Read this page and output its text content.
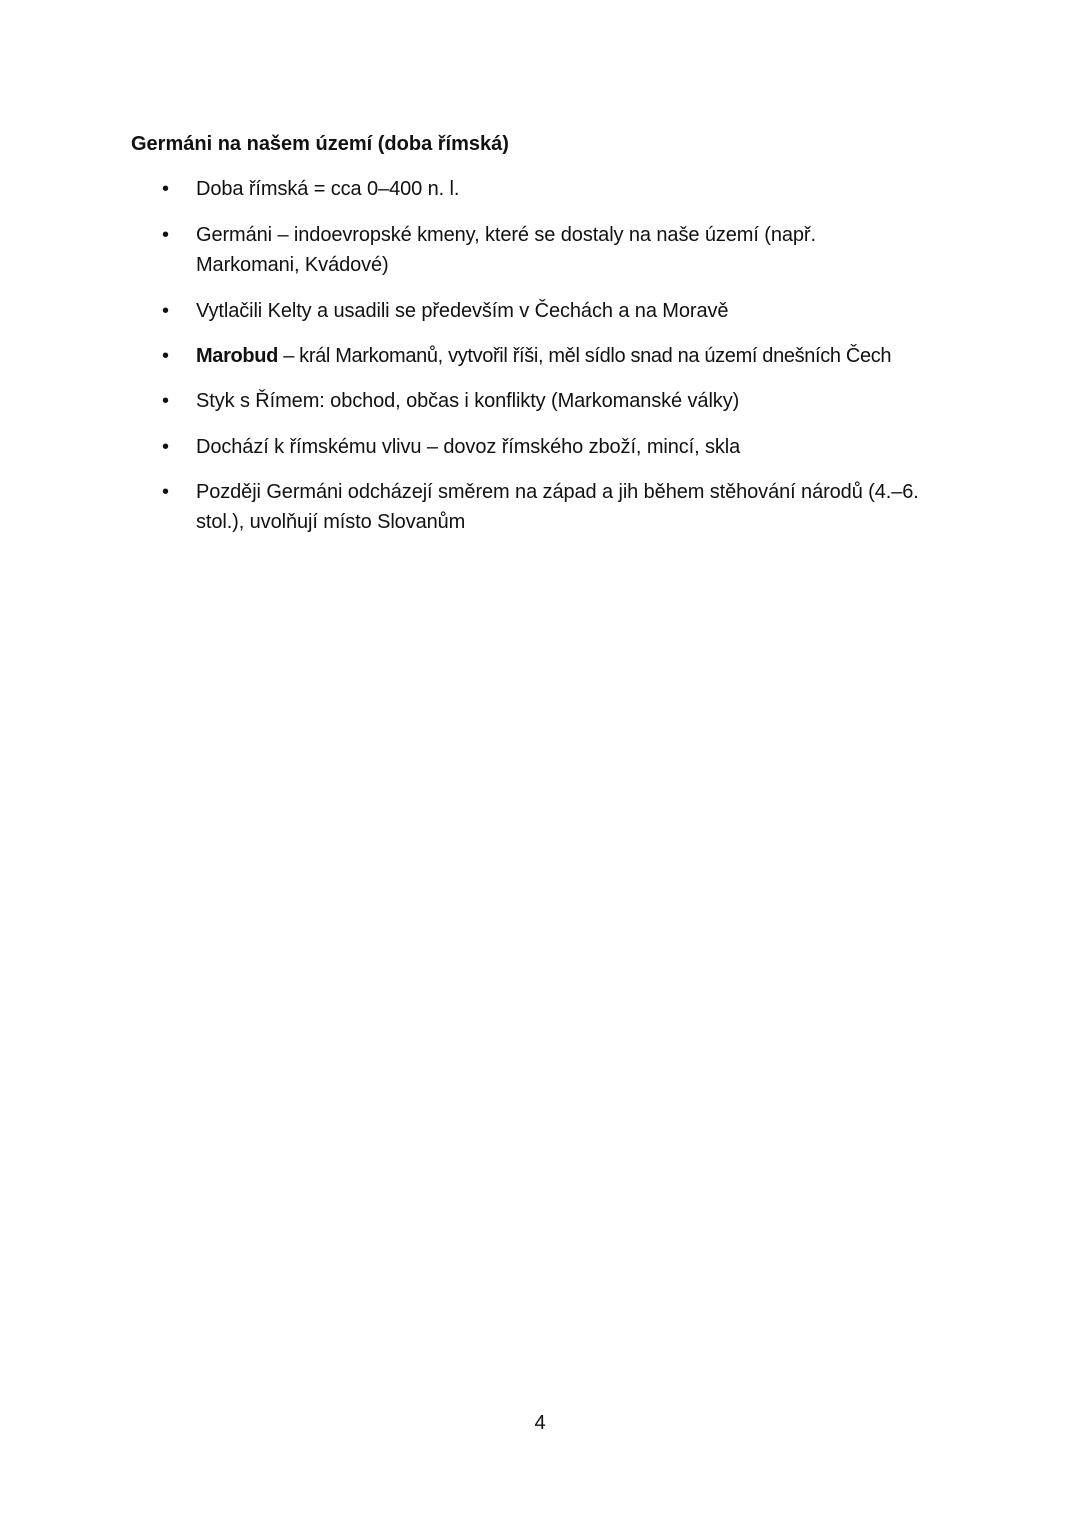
Germáni na našem území (doba římská)
• Doba římská = cca 0–400 n. l.
• Germáni – indoevropské kmeny, které se dostaly na naše území (např. Markomani, Kvádové)
• Vytlačili Kelty a usadili se především v Čechách a na Moravě
• Marobud – král Markomanů, vytvořil říši, měl sídlo snad na území dnešních Čech
• Styk s Římem: obchod, občas i konflikty (Markomanské války)
• Dochází k římskému vlivu – dovoz římského zboží, mincí, skla
• Později Germáni odcházejí směrem na západ a jih během stěhování národů (4.–6. stol.), uvolňují místo Slovanům
4
